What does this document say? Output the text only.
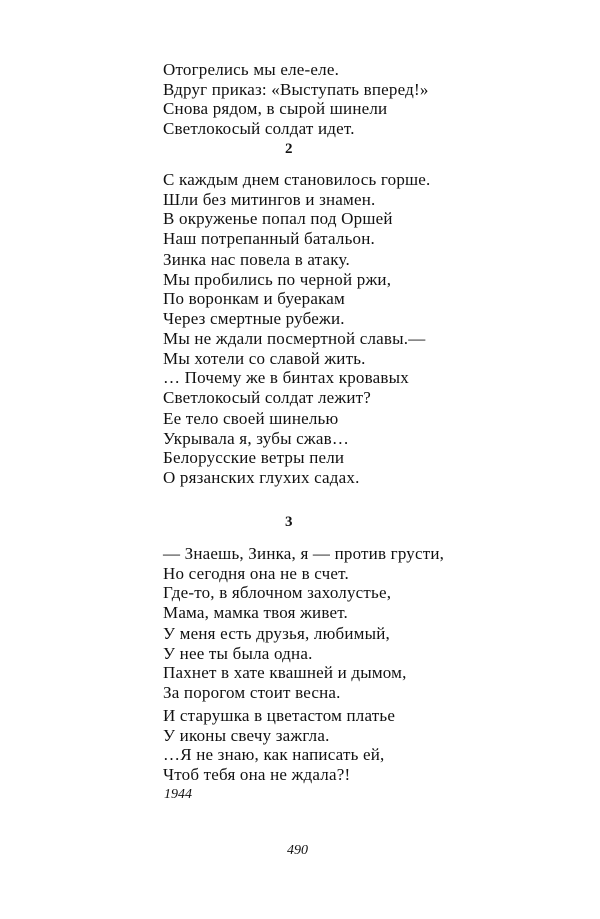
Отогрелись мы еле-еле.
Вдруг приказ: «Выступать вперед!»
Снова рядом, в сырой шинели
Светлокосый солдат идет.
2
С каждым днем становилось горше.
Шли без митингов и знамен.
В окруженье попал под Оршей
Наш потрепанный батальон.
Зинка нас повела в атаку.
Мы пробились по черной ржи,
По воронкам и буеракам
Через смертные рубежи.
Мы не ждали посмертной славы.—
Мы хотели со славой жить.
… Почему же в бинтах кровавых
Светлокосый солдат лежит?
Ее тело своей шинелью
Укрывала я, зубы сжав…
Белорусские ветры пели
О рязанских глухих садах.
3
— Знаешь, Зинка, я — против грусти,
Но сегодня она не в счет.
Где-то, в яблочном захолустье,
Мама, мамка твоя живет.
У меня есть друзья, любимый,
У нее ты была одна.
Пахнет в хате квашней и дымом,
За порогом стоит весна.
И старушка в цветастом платье
У иконы свечу зажгла.
…Я не знаю, как написать ей,
Чтоб тебя она не ждала?!
1944
490
